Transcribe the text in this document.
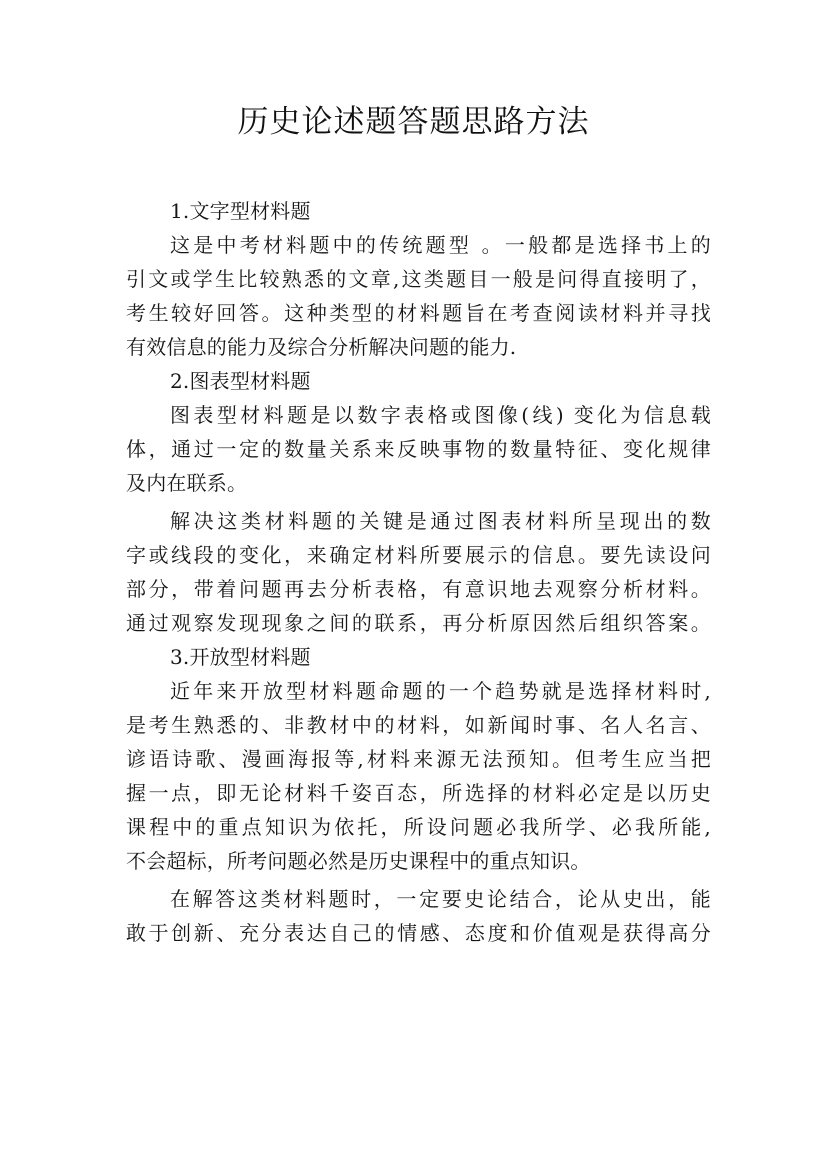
历史论述题答题思路方法
1.文字型材料题
这是中考材料题中的传统题型 。一般都是选择书上的
引文或学生比较熟悉的文章,这类题目一般是问得直接明了，
考生较好回答。这种类型的材料题旨在考查阅读材料并寻找
有效信息的能力及综合分析解决问题的能力.
2.图表型材料题
图表型材料题是以数字表格或图像(线) 变化为信息载
体，通过一定的数量关系来反映事物的数量特征、变化规律
及内在联系。
解决这类材料题的关键是通过图表材料所呈现出的数
字或线段的变化，来确定材料所要展示的信息。要先读设问
部分，带着问题再去分析表格，有意识地去观察分析材料。
通过观察发现现象之间的联系，再分析原因然后组织答案。
3.开放型材料题
近年来开放型材料题命题的一个趋势就是选择材料时,
是考生熟悉的、非教材中的材料，如新闻时事、名人名言、
谚语诗歌、漫画海报等,材料来源无法预知。但考生应当把
握一点，即无论材料千姿百态，所选择的材料必定是以历史
课程中的重点知识为依托，所设问题必我所学、必我所能,
不会超标，所考问题必然是历史课程中的重点知识。
在解答这类材料题时，一定要史论结合，论从史出，能
敢于创新、充分表达自己的情感、态度和价值观是获得高分
